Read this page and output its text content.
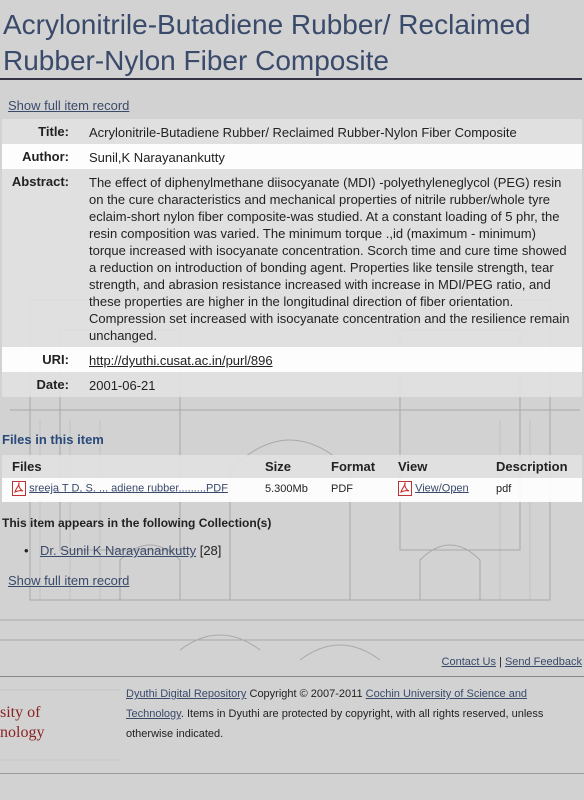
Acrylonitrile-Butadiene Rubber/ Reclaimed Rubber-Nylon Fiber Composite
Show full item record
Title: Acrylonitrile-Butadiene Rubber/ Reclaimed Rubber-Nylon Fiber Composite
Author: Sunil,K Narayanankutty
Abstract: The effect of diphenylmethane diisocyanate (MDI) -polyethyleneglycol (PEG) resin on the cure characteristics and mechanical properties of nitrile rubber/whole tyre eclaim-short nylon fiber composite-was studied. At a constant loading of 5 phr, the resin composition was varied. The minimum torque .,id (maximum - minimum) torque increased with isocyanate concentration. Scorch time and cure time showed a reduction on introduction of bonding agent. Properties like tensile strength, tear strength, and abrasion resistance increased with increase in MDI/PEG ratio, and these properties are higher in the longitudinal direction of fiber orientation. Compression set increased with isocyanate concentration and the resilience remain unchanged.
URI: http://dyuthi.cusat.ac.in/purl/896
Date: 2001-06-21
Files in this item
Files	Size	Format View	Description
sreeja T D, S. ... adiene rubber.........PDF	5.300Mb PDF	View/Open pdf
This item appears in the following Collection(s)
• Dr. Sunil K Narayanankutty [28]
Show full item record
Contact Us | Send Feedback
sity of
nology
Dyuthi Digital Repository Copyright © 2007-2011 Cochin University of Science and Technology. Items in Dyuthi are protected by copyright, with all rights reserved, unless otherwise indicated.
